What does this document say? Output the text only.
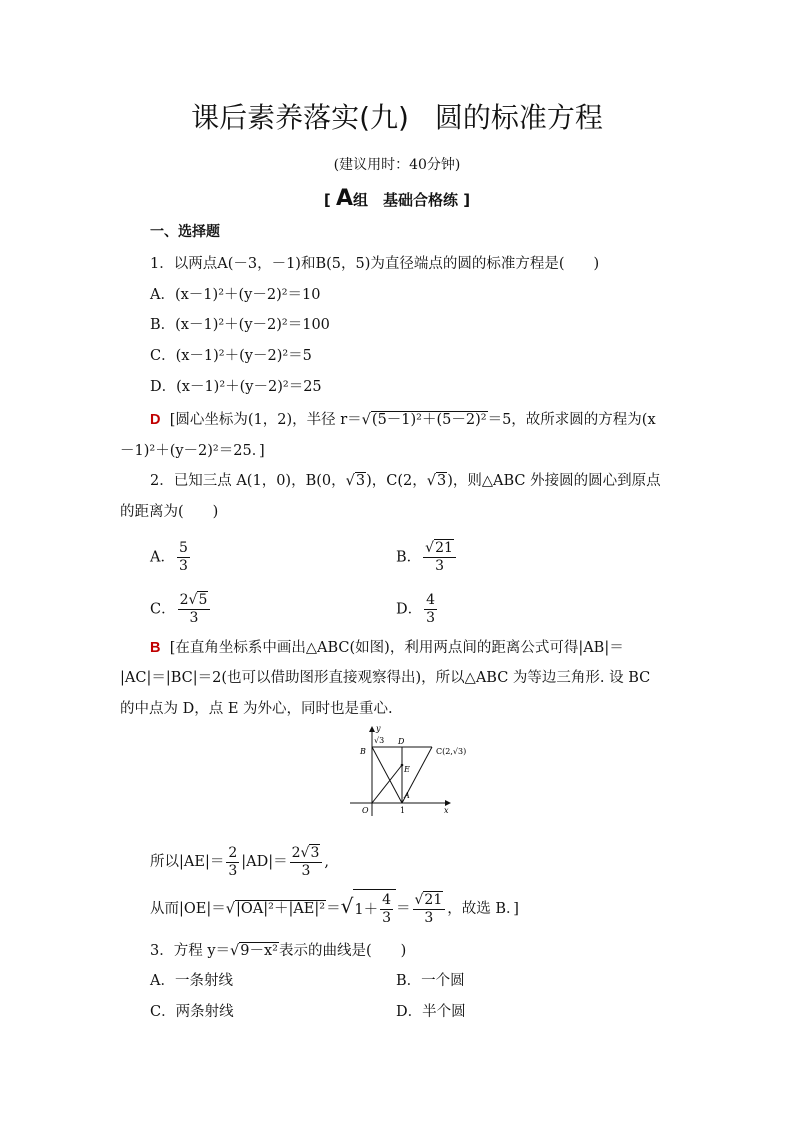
课后素养落实(九) 圆的标准方程
(建议用时：40分钟)
[ A组　基础合格练 ]
一、选择题
1．以两点A(－3，－1)和B(5，5)为直径端点的圆的标准方程是(　　)
A．(x－1)²＋(y－2)²＝10
B．(x－1)²＋(y－2)²＝100
C．(x－1)²＋(y－2)²＝5
D．(x－1)²＋(y－2)²＝25
D [圆心坐标为(1，2)，半径 r＝√(5－1)²＋(5－2)²＝5，故所求圆的方程为(x
－1)²＋(y－2)²＝25．]
2．已知三点 A(1，0)，B(0，√3)，C(2，√3)，则△ABC 外接圆的圆心到原点
的距离为(　　)
A． $\frac{5}{3}$	B． $\frac{√21}{3}$
C． $\frac{2√5}{3}$	D． $\frac{4}{3}$
B [在直角坐标系中画出△ABC(如图)，利用两点间的距离公式可得|AB|＝
|AC|＝|BC|＝2(也可以借助图形直接观察得出)，所以△ABC 为等边三角形. 设 BC
的中点为 D，点 E 为外心，同时也是重心.
y
√3 D
B	C(2,√3)
E
A
O	1	x
所以$|AE|= \frac{2}{3} |AD|= \frac{2√3}{3}$ ,
从而$|OE|=√|OA|^2+|AE|^2=√1+ \frac{4}{3} = \frac{√21}{3}$ ，故选 B．]
3．方程 y＝√9－x²表示的曲线是(　　)
A．一条射线	B．一个圆
C．两条射线	D．半个圆
